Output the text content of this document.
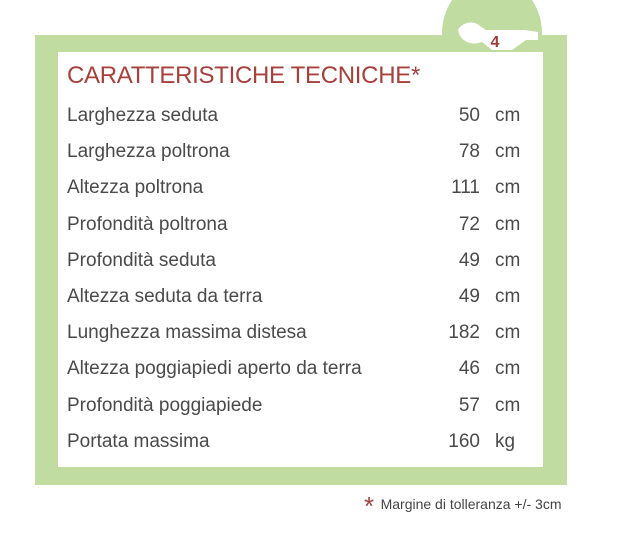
4
CARATTERISTICHE TECNICHE*
Larghezza seduta	50 cm
Larghezza poltrona	78 cm
Altezza poltrona	111 cm
Profondità poltrona	72 cm
Profondità seduta	49 cm
Altezza seduta da terra	49 cm
Lunghezza massima distesa	182 cm
Altezza poggiapiedi aperto da terra	46 cm
Profondità poggiapiede	57 cm
Portata massima	160 kg
* Margine di tolleranza +/- 3cm
